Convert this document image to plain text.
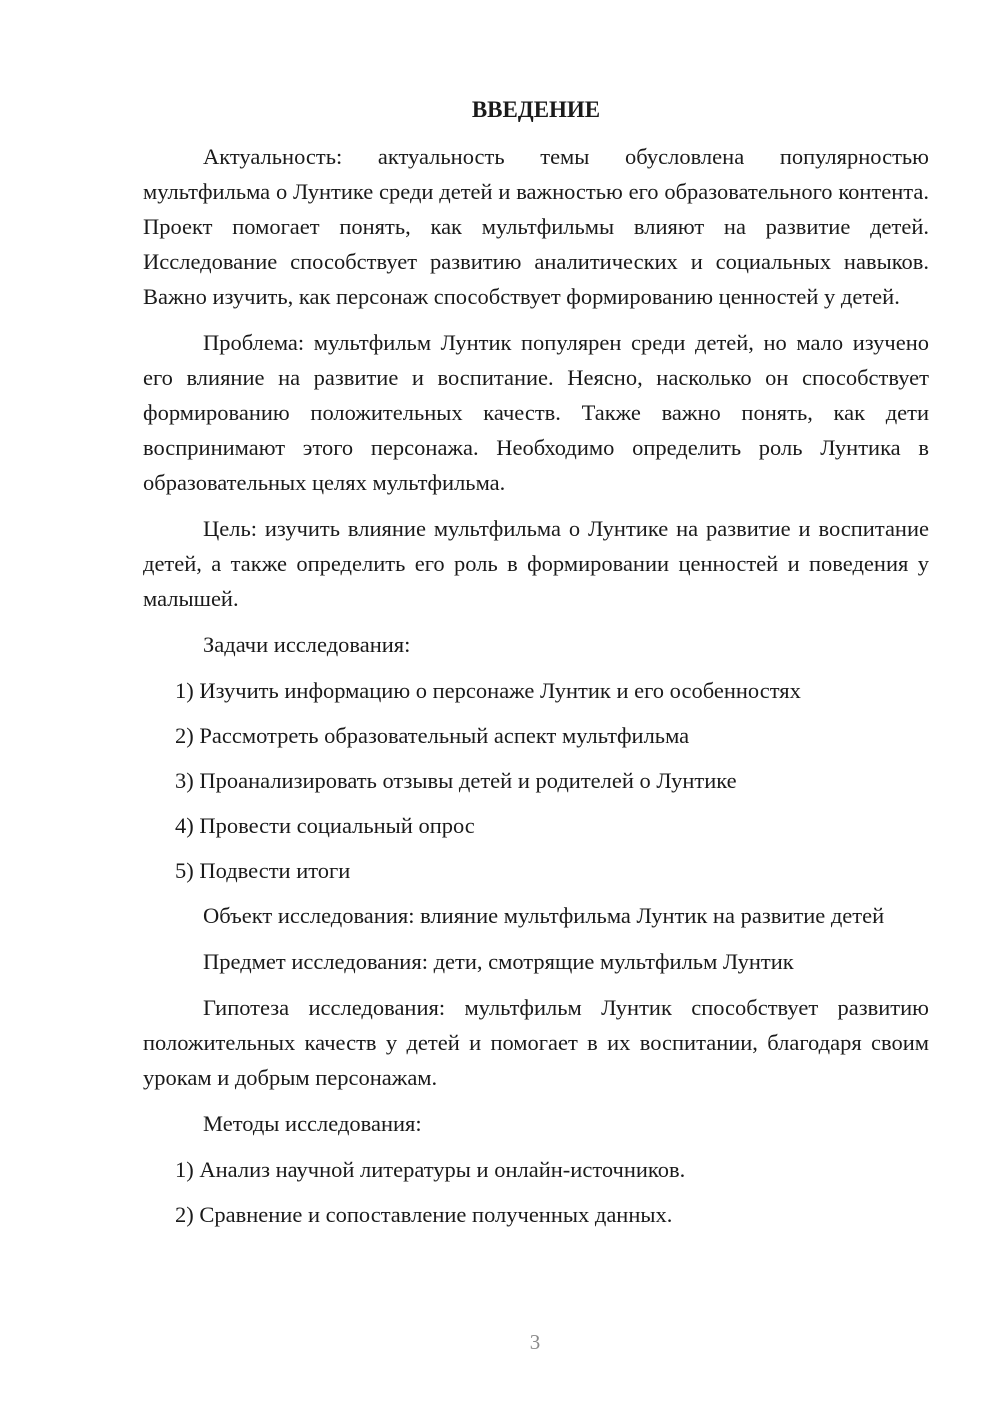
ВВЕДЕНИЕ

Актуальность: актуальность темы обусловлена популярностью мультфильма о Лунтике среди детей и важностью его образовательного контента. Проект помогает понять, как мультфильмы влияют на развитие детей. Исследование способствует развитию аналитических и социальных навыков. Важно изучить, как персонаж способствует формированию ценностей у детей.

Проблема: мультфильм Лунтик популярен среди детей, но мало изучено его влияние на развитие и воспитание. Неясно, насколько он способствует формированию положительных качеств. Также важно понять, как дети воспринимают этого персонажа. Необходимо определить роль Лунтика в образовательных целях мультфильма.

Цель: изучить влияние мультфильма о Лунтике на развитие и воспитание детей, а также определить его роль в формировании ценностей и поведения у малышей.

Задачи исследования:

1) Изучить информацию о персонаже Лунтик и его особенностях
2) Рассмотреть образовательный аспект мультфильма
3) Проанализировать отзывы детей и родителей о Лунтике
4) Провести социальный опрос
5) Подвести итоги

Объект исследования: влияние мультфильма Лунтик на развитие детей

Предмет исследования: дети, смотрящие мультфильм Лунтик

Гипотеза исследования: мультфильм Лунтик способствует развитию положительных качеств у детей и помогает в их воспитании, благодаря своим урокам и добрым персонажам.

Методы исследования:

1) Анализ научной литературы и онлайн-источников.
2) Сравнение и сопоставление полученных данных.
3
